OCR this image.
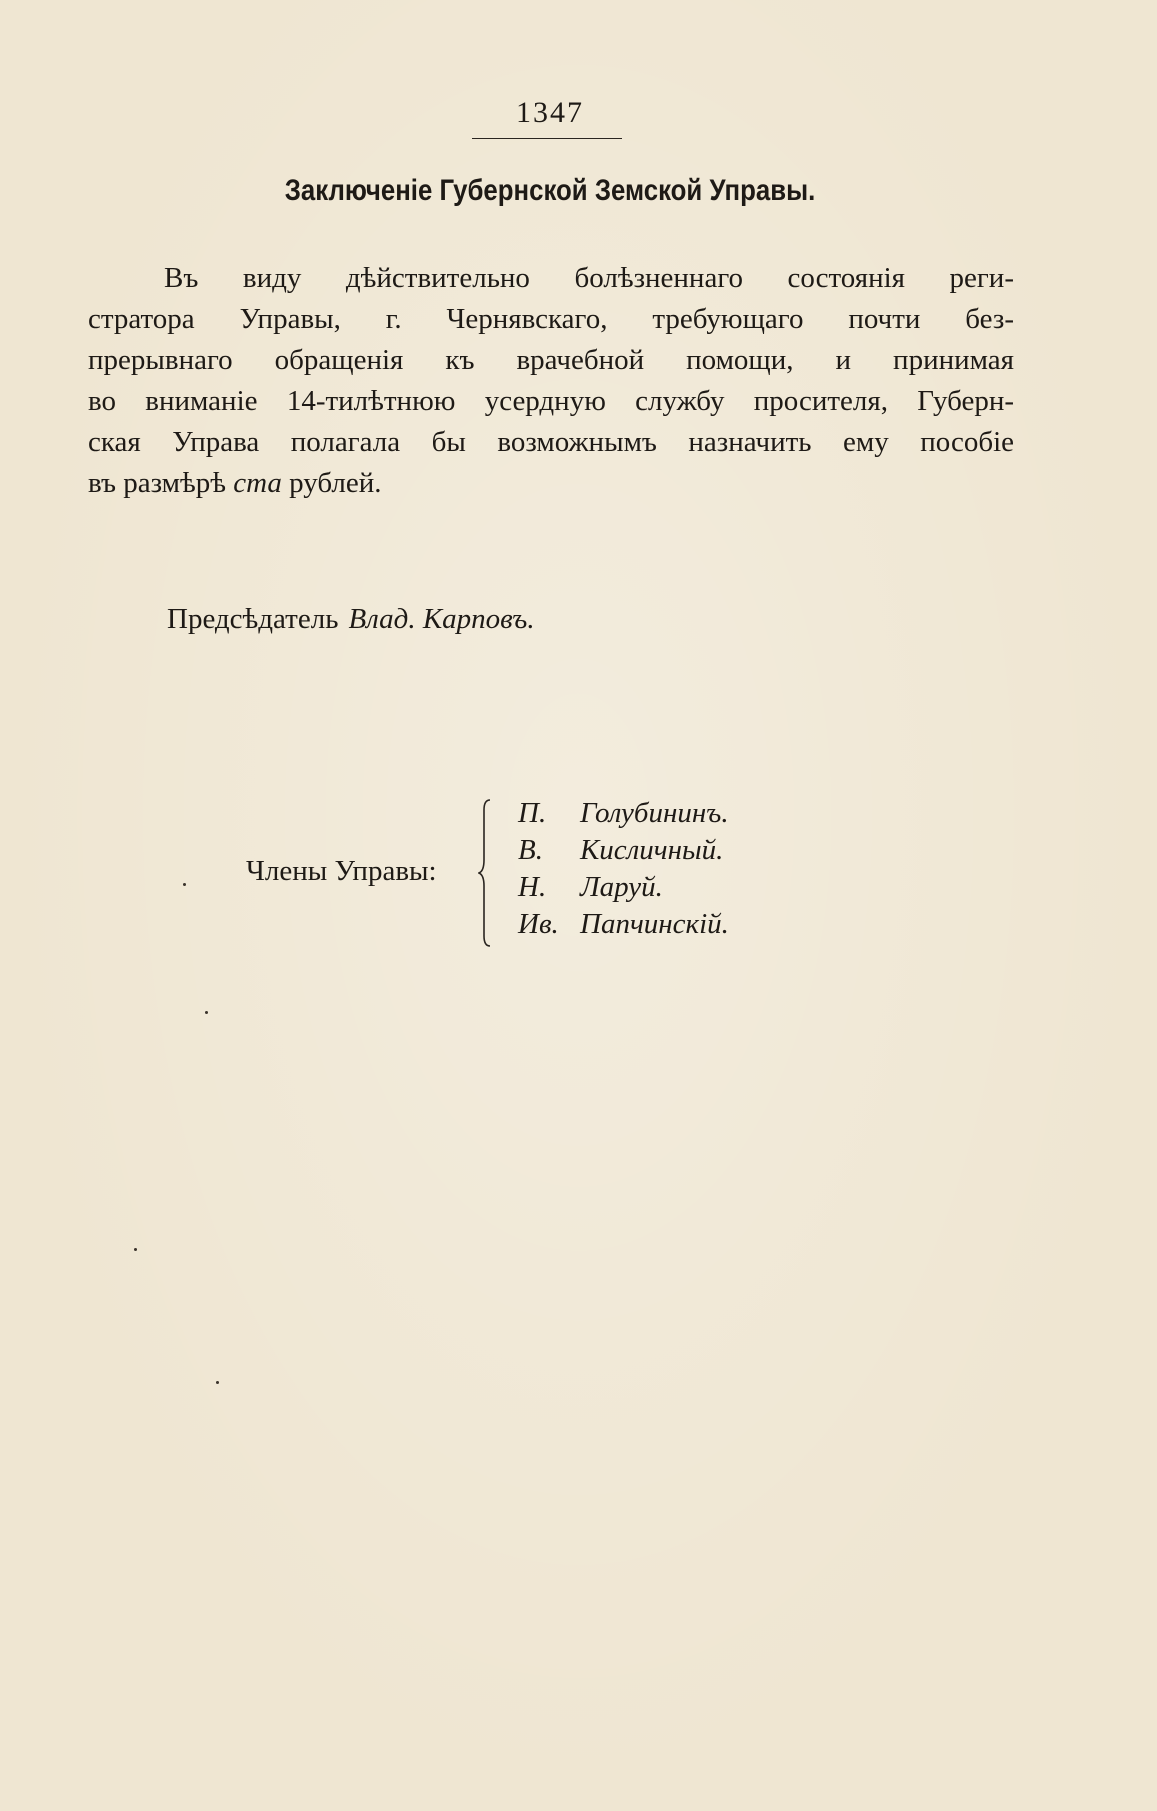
1347
Заключеніе Губернской Земской Управы.
Въ виду дѣйствительно болѣзненнаго состоянія реги-
стратора Управы, г. Чернявскаго, требующаго почти без-
прерывнаго обращенія къ врачебной помощи, и принимая
во вниманіе 14-тилѣтнюю усердную службу просителя, Губерн-
ская Управа полагала бы возможнымъ назначить ему пособіе
въ размѣрѣ ста рублей.
Предсѣдатель Влад. Карповъ.
Члены Управы:
П. Голубининъ.
В. Кисличный.
Н. Ларуй.
Ив. Папчинскій.
